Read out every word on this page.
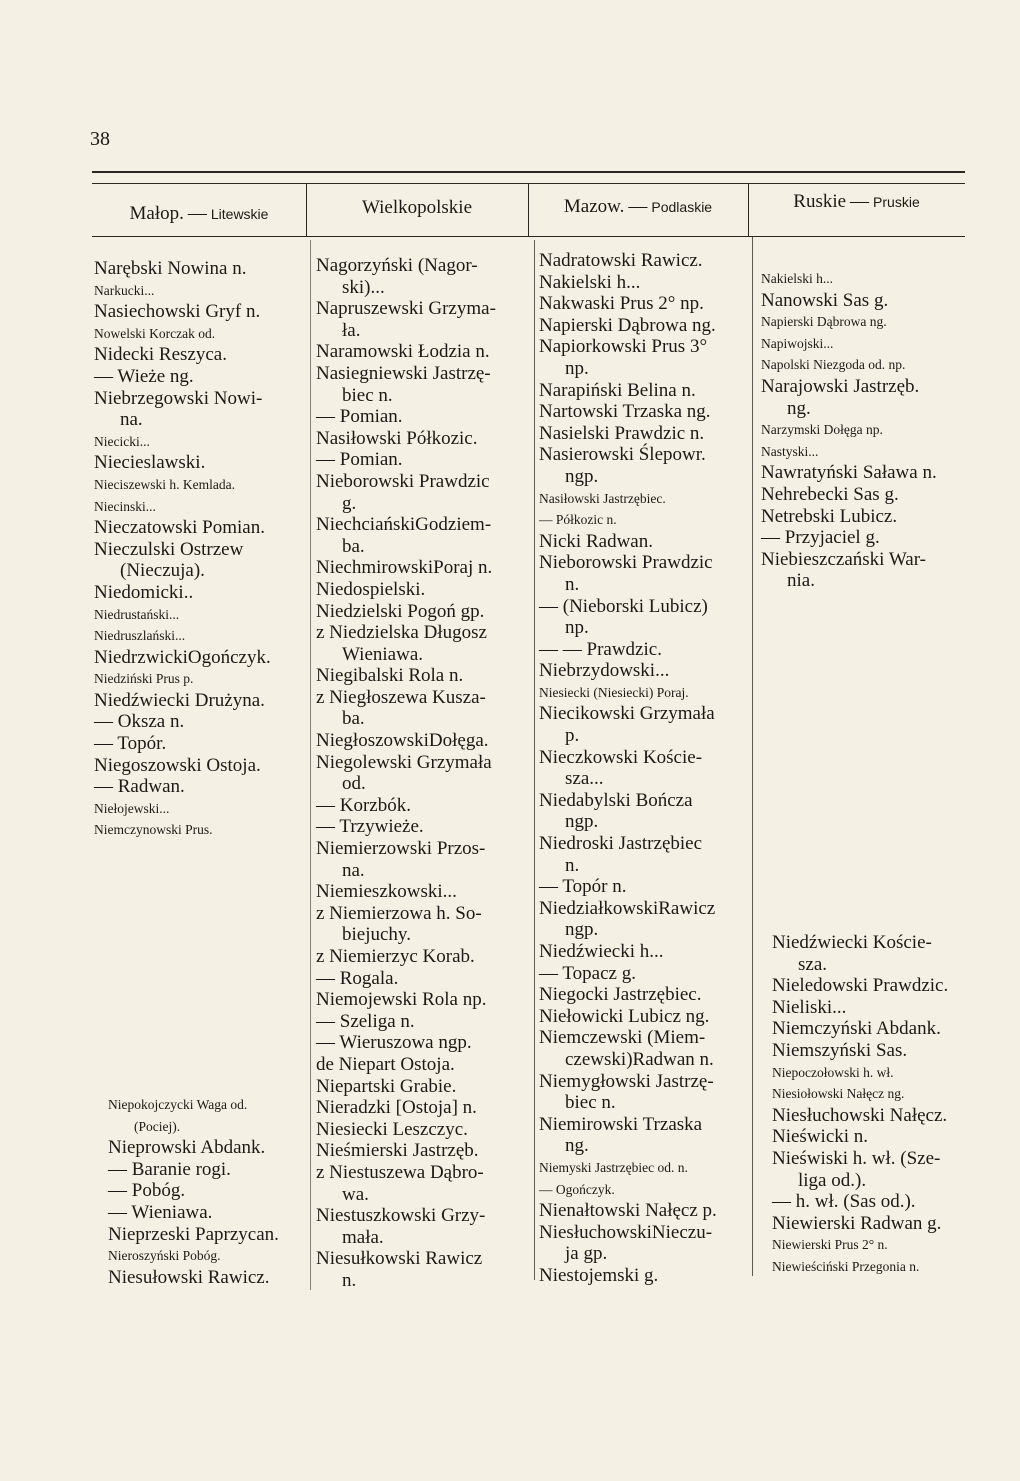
38
Małop. — Litewskie	Wielkopolskie	Mazow. — Podlaskie	Ruskie — Pruskie
Narębski Nowina n.
Narkucki...
Nasiechowski Gryf n.
Nowelski Korczak od.
Nidecki Reszyca.
— Wieże ng.
Niebrzegowski Nowi-
na.
Niecicki...
Niecieslawski.
Nieciszewski h. Kemlada.
Niecinski...
Nieczatowski Pomian.
Nieczulski Ostrzew
(Nieczuja).
Niedomicki..
Niedrustański...
Niedruszlański...
NiedrzwickiOgończyk.
Niedziński Prus p.
Niedźwiecki Drużyna.
— Oksza n.
— Topór.
Niegoszowski Ostoja.
— Radwan.
Niełojewski...
Niemczynowski Prus.
Niepokojczycki Waga od.
(Pociej).
Nieprowski Abdank.
— Baranie rogi.
— Pobóg.
— Wieniawa.
Nieprzeski Paprzycan.
Nieroszyński Pobóg.
Niesułowski Rawicz.
Nagorzyński (Nagor-
ski)...
Napruszewski Grzyma-
ła.
Naramowski Łodzia n.
Nasiegniewski Jastrzę-
biec n.
— Pomian.
Nasiłowski Półkozic.
— Pomian.
Nieborowski Prawdzic
g.
NiechciańskiGodziem-
ba.
NiechmirowskiPoraj n.
Niedospielski.
Niedzielski Pogoń gp.
z Niedzielska Długosz
Wieniawa.
Niegibalski Rola n.
z Niegłoszewa Kusza-
ba.
NiegłoszowskiDołęga.
Niegolewski Grzymała
od.
— Korzbók.
— Trzywieże.
Niemierzowski Przos-
na.
Niemieszkowski...
z Niemierzowa h. So-
biejuchy.
z Niemierzyc Korab.
— Rogala.
Niemojewski Rola np.
— Szeliga n.
— Wieruszowa ngp.
de Niepart Ostoja.
Niepartski Grabie.
Nieradzki [Ostoja] n.
Niesiecki Leszczyc.
Nieśmierski Jastrzęb.
z Niestuszewa Dąbro-
wa.
Niestuszkowski Grzy-
mała.
Niesułkowski Rawicz
n.
Nadratowski Rawicz.
Nakielski h...
Nakwaski Prus 2° np.
Napierski Dąbrowa ng.
Napiorkowski Prus 3°
np.
Narapiński Belina n.
Nartowski Trzaska ng.
Nasielski Prawdzic n.
Nasierowski Ślepowr.
ngp.
Nasiłowski Jastrzębiec.
— Półkozic n.
Nicki Radwan.
Nieborowski Prawdzic
n.
— (Nieborski Lubicz)
np.
— — Prawdzic.
Niebrzydowski...
Niesiecki (Niesiecki) Poraj.
Niecikowski Grzymała
p.
Nieczkowski Koście-
sza...
Niedabylski Bończa
ngp.
Niedroski Jastrzębiec
n.
— Topór n.
NiedziałkowskiRawicz
ngp.
Niedźwiecki h...
— Topacz g.
Niegocki Jastrzębiec.
Niełowicki Lubicz ng.
Niemczewski (Miem-
czewski)Radwan n.
Niemygłowski Jastrzę-
biec n.
Niemirowski Trzaska
ng.
Niemyski Jastrzębiec od. n.
— Ogończyk.
Nienałtowski Nałęcz p.
NiesłuchowskiNieczu-
ja gp.
Niestojemski g.
Nakielski h...
Nanowski Sas g.
Napierski Dąbrowa ng.
Napiwojski...
Napolski Niezgoda od. np.
Narajowski Jastrzęb.
ng.
Narzymski Dołęga np.
Nastyski...
Nawratyński Saława n.
Nehrebecki Sas g.
Netrebski Lubicz.
— Przyjaciel g.
Niebieszczański War-
nia.
Niedźwiecki Koście-
sza.
Nieledowski Prawdzic.
Nieliski...
Niemczyński Abdank.
Niemszyński Sas.
Niepoczołowski h. wł.
Niesiołowski Nałęcz ng.
Niesłuchowski Nałęcz.
Nieświcki n.
Nieświski h. wł. (Sze-
liga od.).
— h. wł. (Sas od.).
Niewierski Radwan g.
Niewierski Prus 2° n.
Niewieściński Przegonia n.
